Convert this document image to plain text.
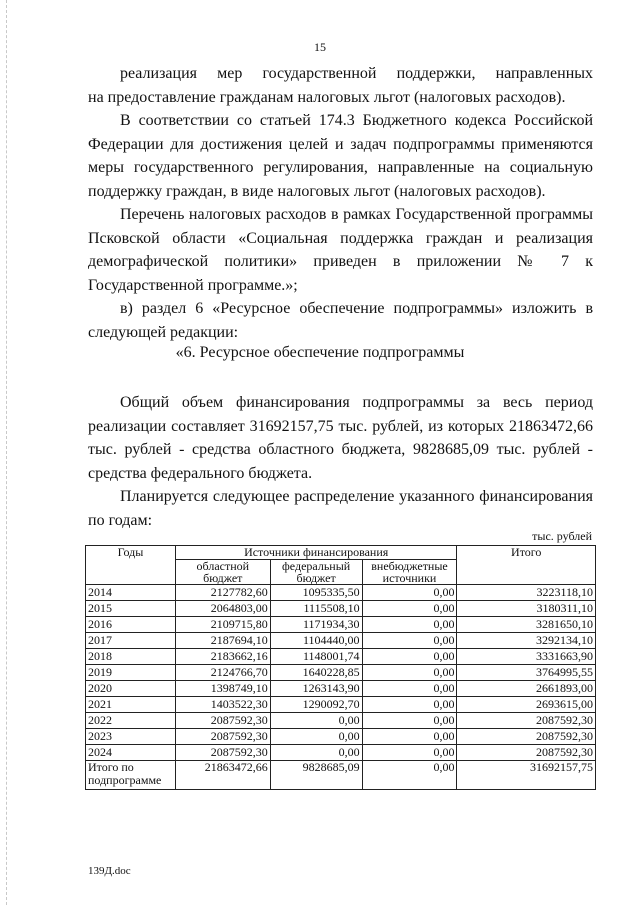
15

реализация мер государственной поддержки, направленных

на предоставление гражданам налоговых льгот (налоговых расходов).

В соответствии со статьей 174.3 Бюджетного кодекса Российской Федерации для достижения целей и задач подпрограммы применяются меры государственного регулирования, направленные на социальную поддержку граждан, в виде налоговых льгот (налоговых расходов).

Перечень налоговых расходов в рамках Государственной программы Псковской области «Социальная поддержка граждан и реализация демографической политики» приведен в приложении № 7 к Государственной программе.»;

в) раздел 6 «Ресурсное обеспечение подпрограммы» изложить в следующей редакции:

«6. Ресурсное обеспечение подпрограммы

Общий объем финансирования подпрограммы за весь период реализации составляет 31692157,75 тыс. рублей, из которых 21863472,66 тыс. рублей - средства областного бюджета, 9828685,09 тыс. рублей - средства федерального бюджета.

Планируется следующее распределение указанного финансирования по годам:

тыс. рублей
Годы	Источники финансирования			Итого
	областной бюджет	федеральный бюджет	внебюджетные источники	
2014	2127782,60	1095335,50	0,00	3223118,10
2015	2064803,00	1115508,10	0,00	3180311,10
2016	2109715,80	1171934,30	0,00	3281650,10
2017	2187694,10	1104440,00	0,00	3292134,10
2018	2183662,16	1148001,74	0,00	3331663,90
2019	2124766,70	1640228,85	0,00	3764995,55
2020	1398749,10	1263143,90	0,00	2661893,00
2021	1403522,30	1290092,70	0,00	2693615,00
2022	2087592,30	0,00	0,00	2087592,30
2023	2087592,30	0,00	0,00	2087592,30
2024	2087592,30	0,00	0,00	2087592,30
Итого по подпрограмме	21863472,66	9828685,09	0,00	31692157,75
139Д.doc
